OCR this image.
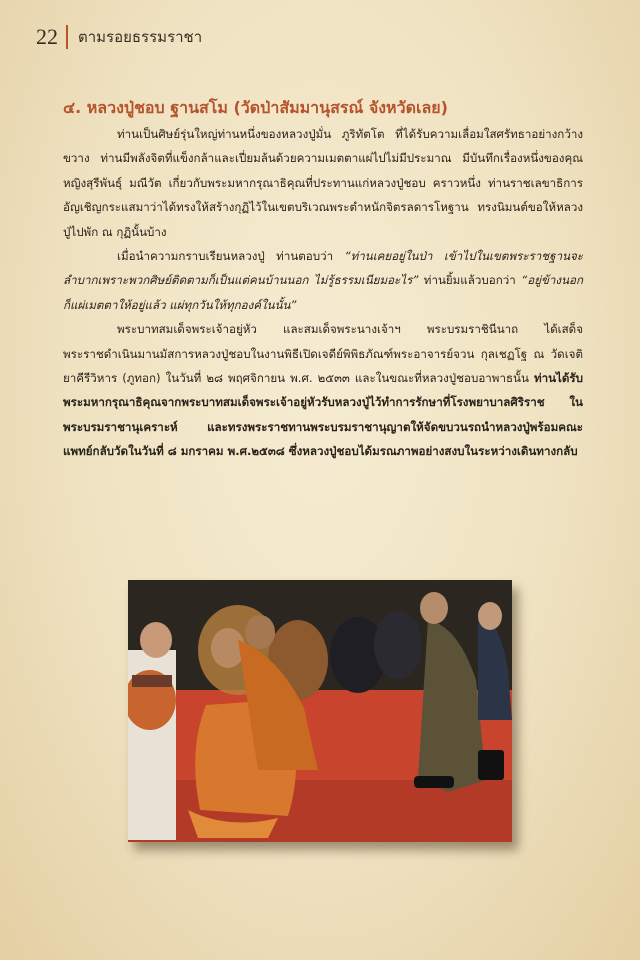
22 ตามรอยธรรมราชา
๔. หลวงปู่ชอบ ฐานสโม (วัดป่าสัมมานุสรณ์ จังหวัดเลย)

ท่านเป็นศิษย์รุ่นใหญ่ท่านหนึ่งของหลวงปู่มั่น ภูริทัตโต ที่ได้รับความเลื่อมใสศรัทธาอย่างกว้างขวาง ท่านมีพลังจิตที่แข็งกล้าและเปี่ยมล้นด้วยความเมตตาแผ่ไปไม่มีประมาณ มีบันทึกเรื่องหนึ่งของคุณหญิงสุรีพันธุ์ มณีวัต เกี่ยวกับพระมหากรุณาธิคุณที่ประทานแก่หลวงปู่ชอบ คราวหนึ่ง ท่านราชเลขาธิการ อัญเชิญกระแสมาว่าได้ทรงให้สร้างกุฏิไว้ในเขตบริเวณพระตำหนักจิตรลดารโหฐาน ทรงนิมนต์ขอให้หลวงปู่ไปพัก ณ กุฏินั้นบ้าง

เมื่อนำความกราบเรียนหลวงปู่ ท่านตอบว่า “ท่านเคยอยู่ในป่า เข้าไปในเขตพระราชฐานจะลำบากเพราะพวกศิษย์ติดตามก็เป็นแต่คนบ้านนอก ไม่รู้ธรรมเนียมอะไร” ท่านยิ้มแล้วบอกว่า “อยู่ข้างนอก ก็แผ่เมตตาให้อยู่แล้ว แผ่ทุกวันให้ทุกองค์ในนั้น”

พระบาทสมเด็จพระเจ้าอยู่หัว และสมเด็จพระนางเจ้าฯ พระบรมราชินีนาถ ได้เสด็จพระราชดำเนินมานมัสการหลวงปู่ชอบในงานพิธีเปิดเจดีย์พิพิธภัณฑ์พระอาจารย์จวน กุลเชฏโฐ ณ วัดเจติยาคีรีวิหาร (ภูทอก) ในวันที่ ๒๘ พฤศจิกายน พ.ศ. ๒๕๓๓ และในขณะที่หลวงปู่ชอบอาพาธนั้น ท่านได้รับพระมหากรุณาธิคุณจากพระบาทสมเด็จพระเจ้าอยู่หัวรับหลวงปู่ไว้ทำการรักษาที่โรงพยาบาลศิริราช ในพระบรมราชานุเคราะห์ และทรงพระราชทานพระบรมราชานุญาตให้จัดขบวนรถนำหลวงปู่พร้อมคณะแพทย์กลับวัดในวันที่ ๘ มกราคม พ.ศ.๒๕๓๘ ซึ่งหลวงปู่ชอบได้มรณภาพอย่างสงบในระหว่างเดินทางกลับ
